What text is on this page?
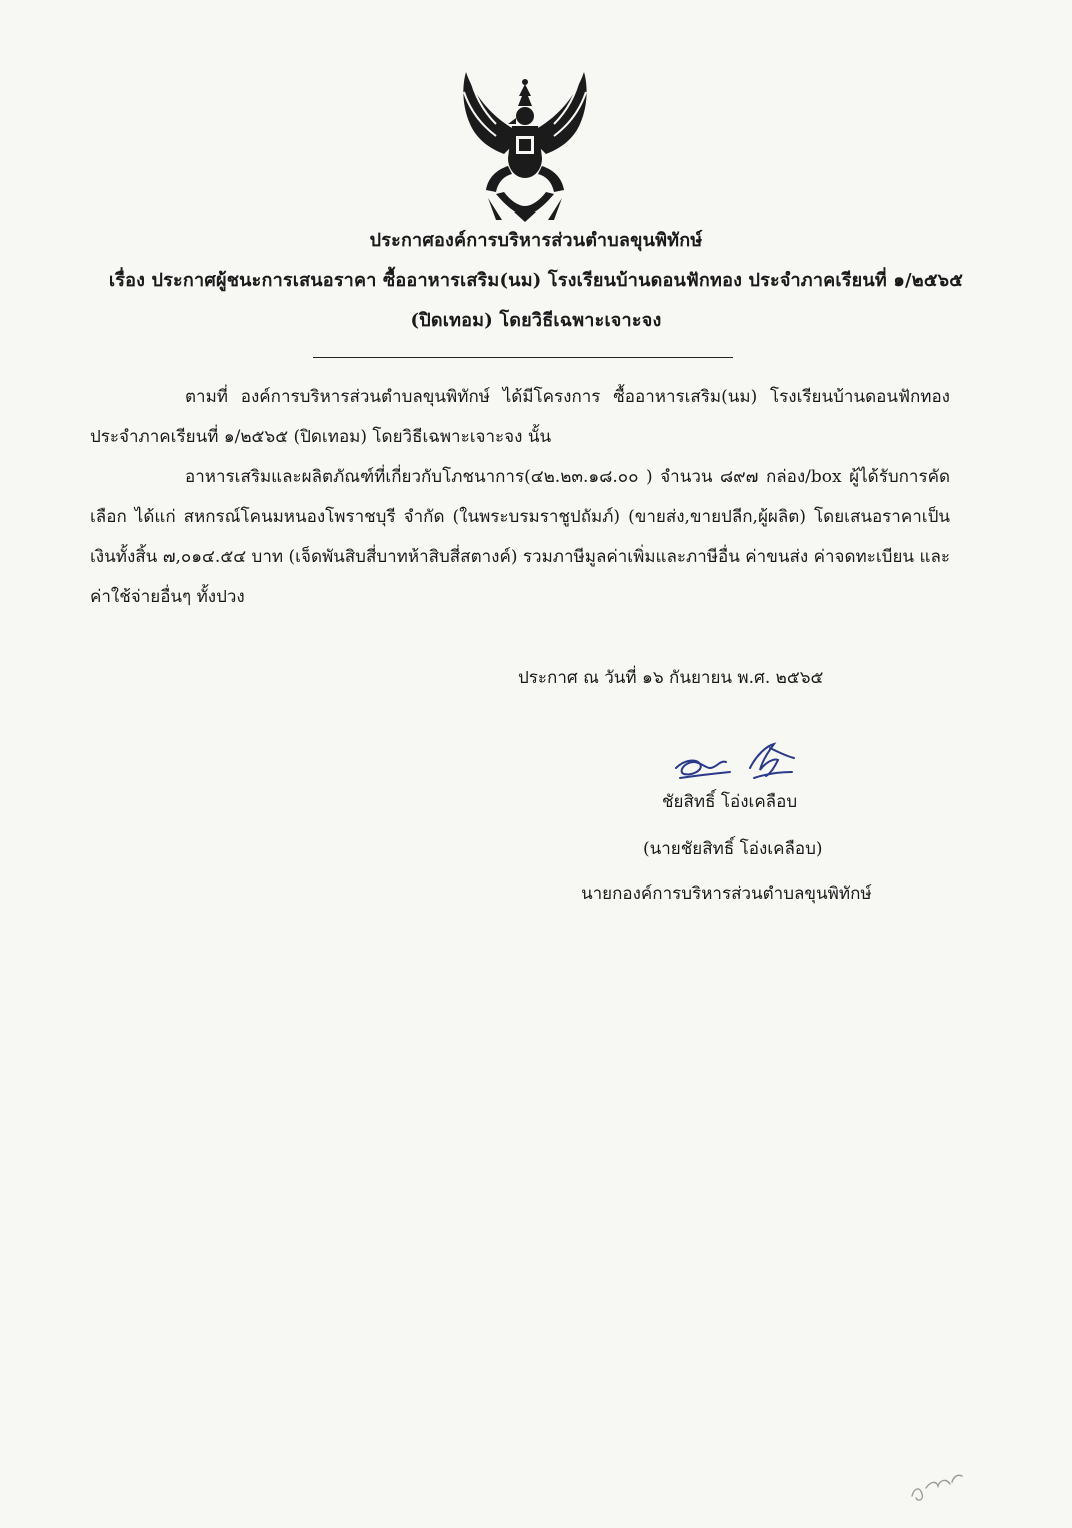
ประกาศองค์การบริหารส่วนตำบลขุนพิทักษ์
เรื่อง ประกาศผู้ชนะการเสนอราคา ซื้ออาหารเสริม(นม) โรงเรียนบ้านดอนฟักทอง ประจำภาคเรียนที่ ๑/๒๕๖๕
(ปิดเทอม) โดยวิธีเฉพาะเจาะจง
ตามที่ องค์การบริหารส่วนตำบลขุนพิทักษ์ ได้มีโครงการ ซื้ออาหารเสริม(นม) โรงเรียนบ้านดอนฟักทอง ประจำภาคเรียนที่ ๑/๒๕๖๕ (ปิดเทอม) โดยวิธีเฉพาะเจาะจง นั้น
อาหารเสริมและผลิตภัณฑ์ที่เกี่ยวกับโภชนาการ(๔๒.๒๓.๑๘.๐๐ ) จำนวน ๘๙๗ กล่อง/box ผู้ได้รับการคัดเลือก ได้แก่ สหกรณ์โคนมหนองโพราชบุรี จำกัด (ในพระบรมราชูปถัมภ์) (ขายส่ง,ขายปลีก,ผู้ผลิต) โดยเสนอราคาเป็นเงินทั้งสิ้น ๗,๐๑๔.๕๔ บาท (เจ็ดพันสิบสี่บาทห้าสิบสี่สตางค์) รวมภาษีมูลค่าเพิ่มและภาษีอื่น ค่าขนส่ง ค่าจดทะเบียน และค่าใช้จ่ายอื่นๆ ทั้งปวง
ประกาศ ณ วันที่ ๑๖ กันยายน พ.ศ. ๒๕๖๕
ชัยสิทธิ์ โอ่งเคลือบ
(นายชัยสิทธิ์ โอ่งเคลือบ)
นายกองค์การบริหารส่วนตำบลขุนพิทักษ์
